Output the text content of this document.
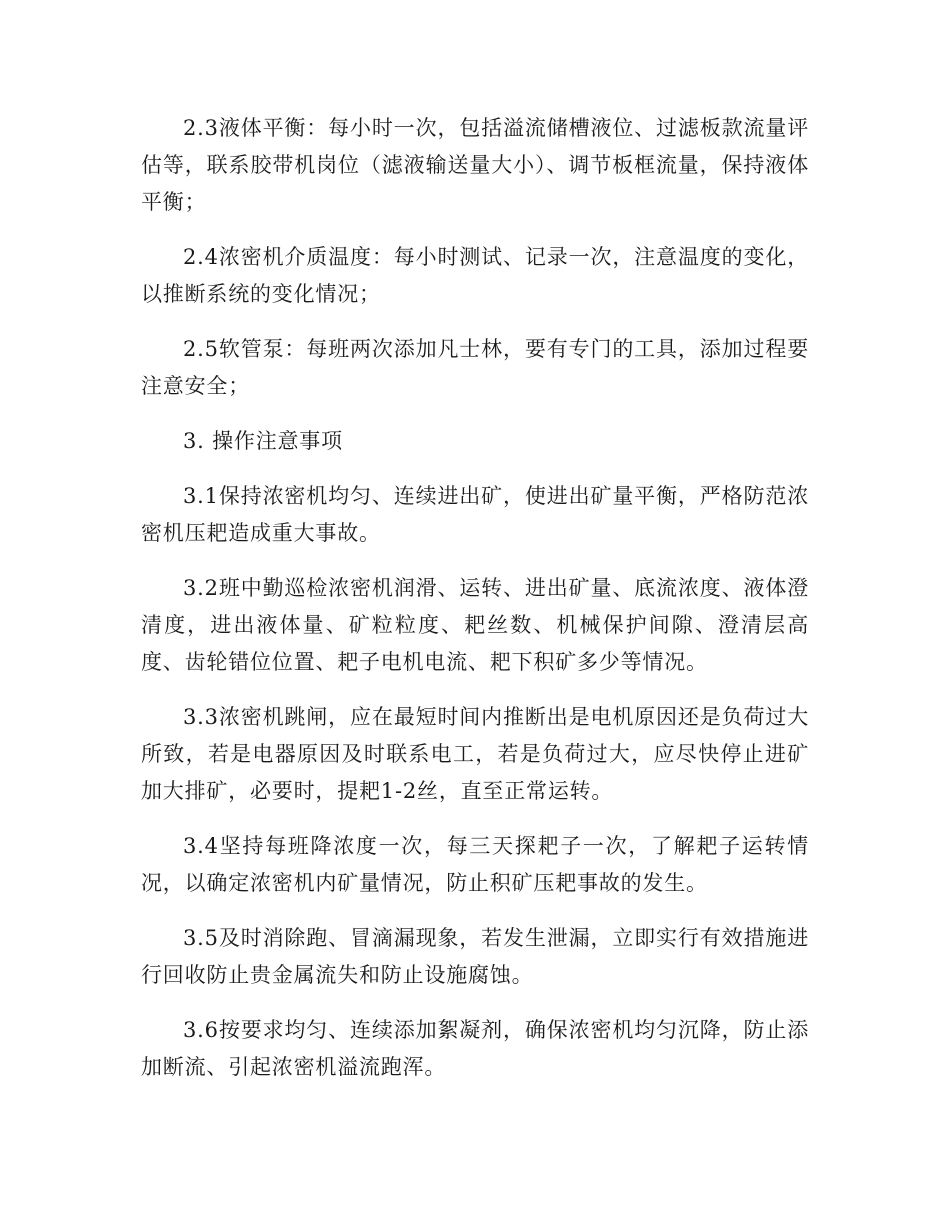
2.3液体平衡：每小时一次，包括溢流储槽液位、过滤板款流量评估等，联系胶带机岗位（滤液输送量大小）、调节板框流量，保持液体平衡；

2.4浓密机介质温度：每小时测试、记录一次，注意温度的变化，以推断系统的变化情况；

2.5软管泵：每班两次添加凡士林，要有专门的工具，添加过程要注意安全；

3. 操作注意事项

3.1保持浓密机均匀、连续进出矿，使进出矿量平衡，严格防范浓密机压耙造成重大事故。

3.2班中勤巡检浓密机润滑、运转、进出矿量、底流浓度、液体澄清度，进出液体量、矿粒粒度、耙丝数、机械保护间隙、澄清层高度、齿轮错位位置、耙子电机电流、耙下积矿多少等情况。

3.3浓密机跳闸，应在最短时间内推断出是电机原因还是负荷过大所致，若是电器原因及时联系电工，若是负荷过大，应尽快停止进矿加大排矿，必要时，提耙1-2丝，直至正常运转。

3.4坚持每班降浓度一次，每三天探耙子一次，了解耙子运转情况，以确定浓密机内矿量情况，防止积矿压耙事故的发生。

3.5及时消除跑、冒滴漏现象，若发生泄漏，立即实行有效措施进行回收防止贵金属流失和防止设施腐蚀。

3.6按要求均匀、连续添加絮凝剂，确保浓密机均匀沉降，防止添加断流、引起浓密机溢流跑浑。
